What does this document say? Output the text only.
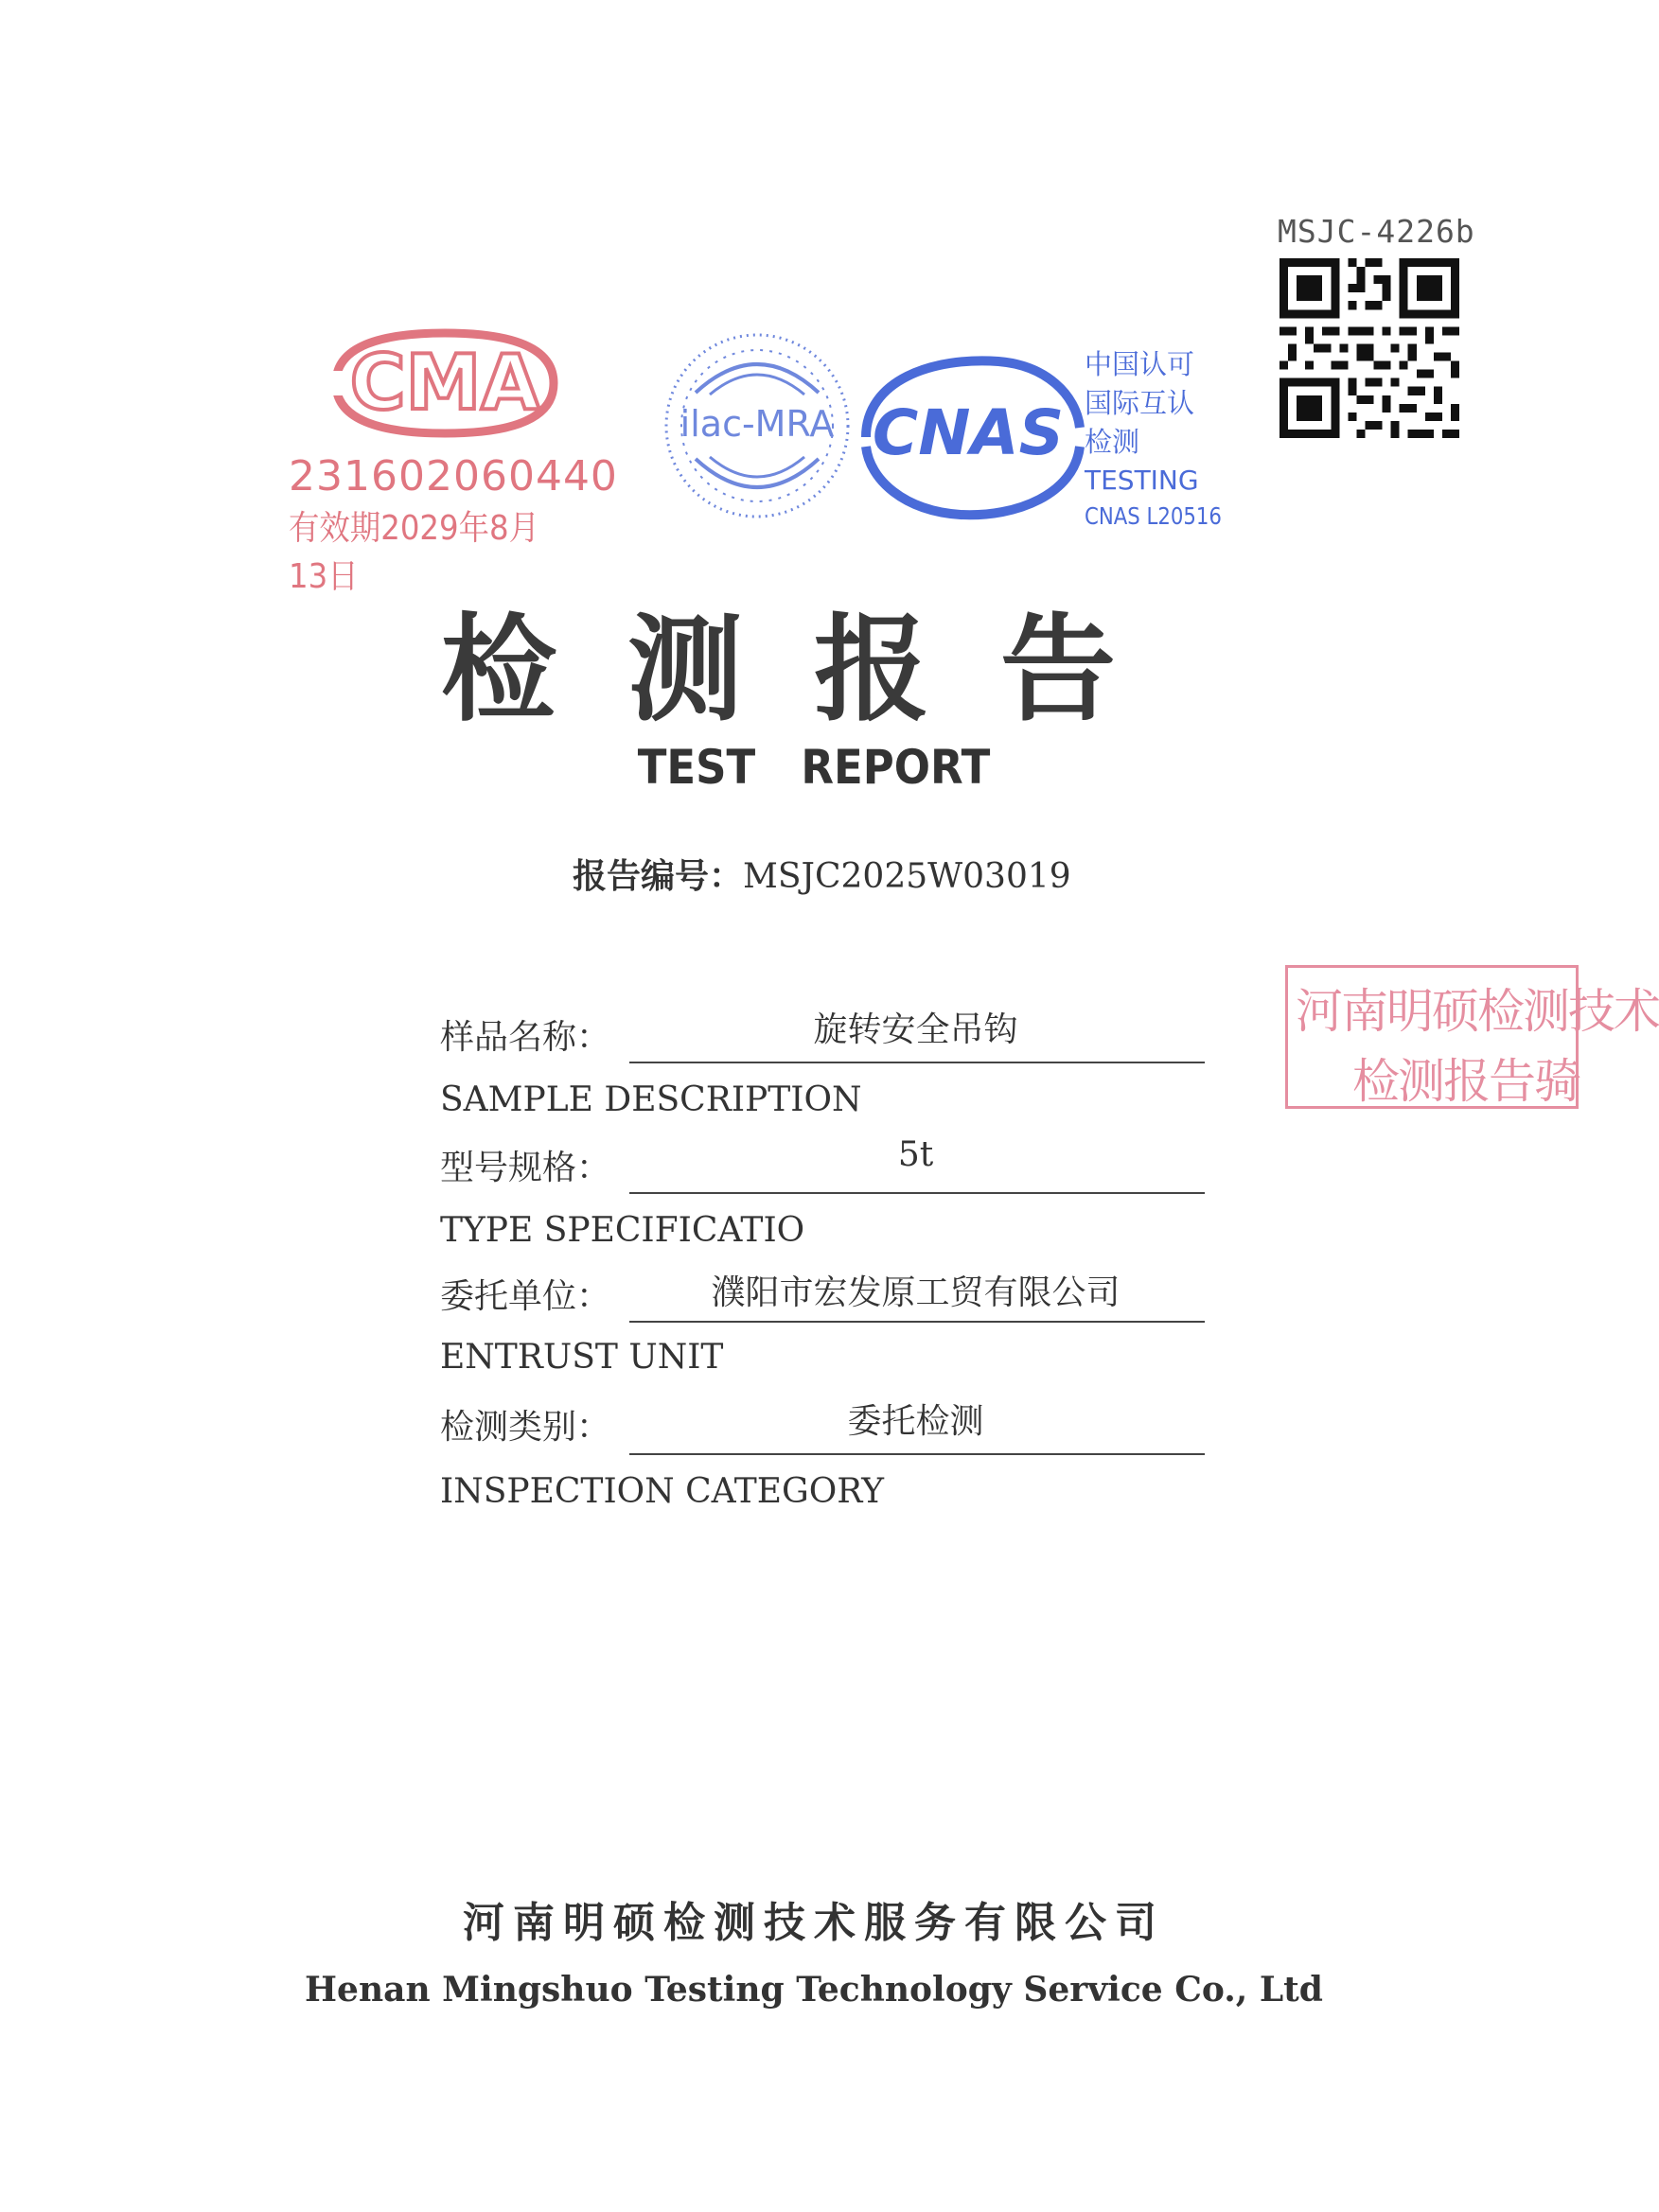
MSJC-4226b
CMA
231602060440
有效期2029年8月13日
ilac-MRA CNAS
中国认可
国际互认
检测
TESTING
CNAS L20516
检测报告
TEST REPORT
报告编号：MSJC2025W03019
河南明硕检测技术
检测报告骑
样品名称：	旋转安全吊钩
SAMPLE DESCRIPTION
型号规格：	5t
TYPE SPECIFICATIO
委托单位：	濮阳市宏发原工贸有限公司
ENTRUST UNIT
检测类别：	委托检测
INSPECTION CATEGORY
河南明硕检测技术服务有限公司
Henan Mingshuo Testing Technology Service Co., Ltd
